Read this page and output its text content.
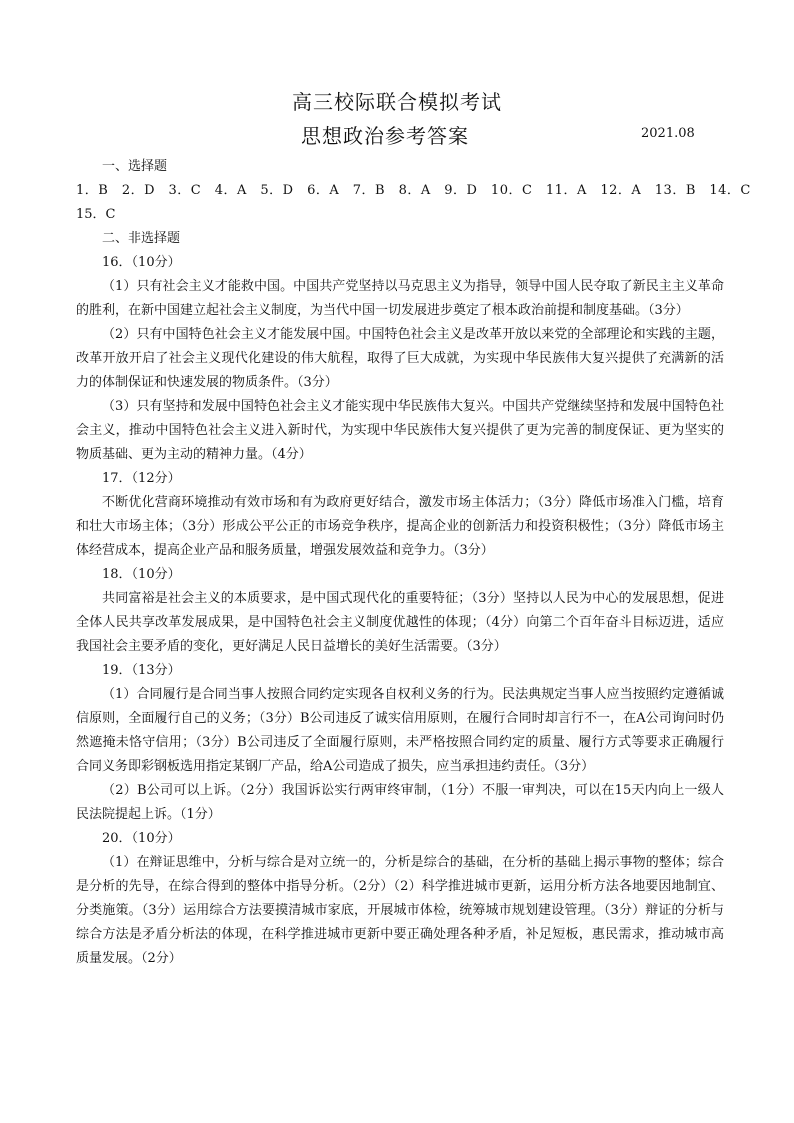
高三校际联合模拟考试
思想政治参考答案	2021.08
一、选择题
1．B　2．D　3．C　4．A　5．D　6．A　7．B　8．A　9．D　10．C　11．A　12．A　13．B　14．C
15．C
二、非选择题
16．（10分）
（1）只有社会主义才能救中国。中国共产党坚持以马克思主义为指导，领导中国人民夺取了新民主主义革命的胜利，在新中国建立起社会主义制度，为当代中国一切发展进步奠定了根本政治前提和制度基础。（3分）
（2）只有中国特色社会主义才能发展中国。中国特色社会主义是改革开放以来党的全部理论和实践的主题，改革开放开启了社会主义现代化建设的伟大航程，取得了巨大成就，为实现中华民族伟大复兴提供了充满新的活力的体制保证和快速发展的物质条件。（3分）
（3）只有坚持和发展中国特色社会主义才能实现中华民族伟大复兴。中国共产党继续坚持和发展中国特色社会主义，推动中国特色社会主义进入新时代，为实现中华民族伟大复兴提供了更为完善的制度保证、更为坚实的物质基础、更为主动的精神力量。（4分）
17．（12分）
不断优化营商环境推动有效市场和有为政府更好结合，激发市场主体活力；（3分）降低市场准入门槛，培育和壮大市场主体；（3分）形成公平公正的市场竞争秩序，提高企业的创新活力和投资积极性；（3分）降低市场主体经营成本，提高企业产品和服务质量，增强发展效益和竞争力。（3分）
18．（10分）
共同富裕是社会主义的本质要求，是中国式现代化的重要特征；（3分）坚持以人民为中心的发展思想，促进全体人民共享改革发展成果，是中国特色社会主义制度优越性的体现；（4分）向第二个百年奋斗目标迈进，适应我国社会主要矛盾的变化，更好满足人民日益增长的美好生活需要。（3分）
19．（13分）
（1）合同履行是合同当事人按照合同约定实现各自权利义务的行为。民法典规定当事人应当按照约定遵循诚信原则，全面履行自己的义务；（3分）B公司违反了诚实信用原则，在履行合同时却言行不一，在A公司询问时仍然遮掩未恪守信用；（3分）B公司违反了全面履行原则，未严格按照合同约定的质量、履行方式等要求正确履行合同义务即彩钢板选用指定某钢厂产品，给A公司造成了损失，应当承担违约责任。（3分）
（2）B公司可以上诉。（2分）我国诉讼实行两审终审制，（1分）不服一审判决，可以在15天内向上一级人民法院提起上诉。（1分）
20．（10分）
（1）在辩证思维中，分析与综合是对立统一的，分析是综合的基础，在分析的基础上揭示事物的整体；综合是分析的先导，在综合得到的整体中指导分析。（2分）（2）科学推进城市更新，运用分析方法各地要因地制宜、分类施策。（3分）运用综合方法要摸清城市家底，开展城市体检，统筹城市规划建设管理。（3分）辩证的分析与综合方法是矛盾分析法的体现，在科学推进城市更新中要正确处理各种矛盾，补足短板，惠民需求，推动城市高质量发展。（2分）
